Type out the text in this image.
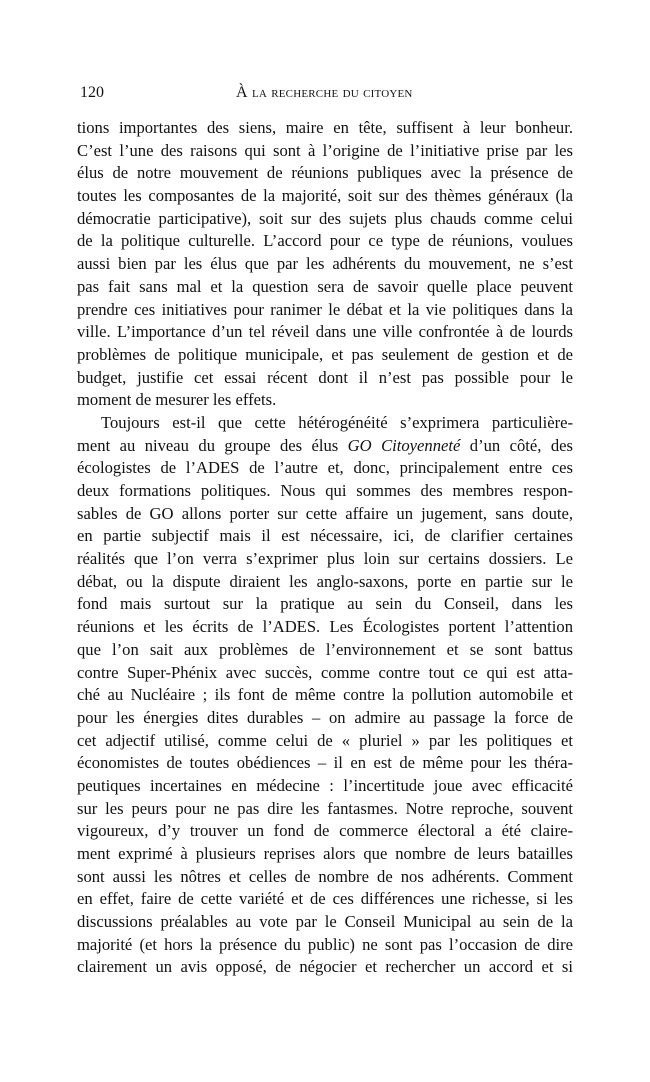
120	À la recherche du citoyen
tions importantes des siens, maire en tête, suffisent à leur bonheur.
C’est l’une des raisons qui sont à l’origine de l’initiative prise par les
élus de notre mouvement de réunions publiques avec la présence de
toutes les composantes de la majorité, soit sur des thèmes généraux (la
démocratie participative), soit sur des sujets plus chauds comme celui
de la politique culturelle. L’accord pour ce type de réunions, voulues
aussi bien par les élus que par les adhérents du mouvement, ne s’est
pas fait sans mal et la question sera de savoir quelle place peuvent
prendre ces initiatives pour ranimer le débat et la vie politiques dans la
ville. L’importance d’un tel réveil dans une ville confrontée à de lourds
problèmes de politique municipale, et pas seulement de gestion et de
budget, justifie cet essai récent dont il n’est pas possible pour le
moment de mesurer les effets.
Toujours est-il que cette hétérogénéité s’exprimera particulière-
ment au niveau du groupe des élus GO Citoyenneté d’un côté, des
écologistes de l’ADES de l’autre et, donc, principalement entre ces
deux formations politiques. Nous qui sommes des membres respon-
sables de GO allons porter sur cette affaire un jugement, sans doute,
en partie subjectif mais il est nécessaire, ici, de clarifier certaines
réalités que l’on verra s’exprimer plus loin sur certains dossiers. Le
débat, ou la dispute diraient les anglo-saxons, porte en partie sur le
fond mais surtout sur la pratique au sein du Conseil, dans les
réunions et les écrits de l’ADES. Les Écologistes portent l’attention
que l’on sait aux problèmes de l’environnement et se sont battus
contre Super-Phénix avec succès, comme contre tout ce qui est atta-
ché au Nucléaire ; ils font de même contre la pollution automobile et
pour les énergies dites durables – on admire au passage la force de
cet adjectif utilisé, comme celui de « pluriel » par les politiques et
économistes de toutes obédiences – il en est de même pour les théra-
peutiques incertaines en médecine : l’incertitude joue avec efficacité
sur les peurs pour ne pas dire les fantasmes. Notre reproche, souvent
vigoureux, d’y trouver un fond de commerce électoral a été claire-
ment exprimé à plusieurs reprises alors que nombre de leurs batailles
sont aussi les nôtres et celles de nombre de nos adhérents. Comment
en effet, faire de cette variété et de ces différences une richesse, si les
discussions préalables au vote par le Conseil Municipal au sein de la
majorité (et hors la présence du public) ne sont pas l’occasion de dire
clairement un avis opposé, de négocier et rechercher un accord et si
